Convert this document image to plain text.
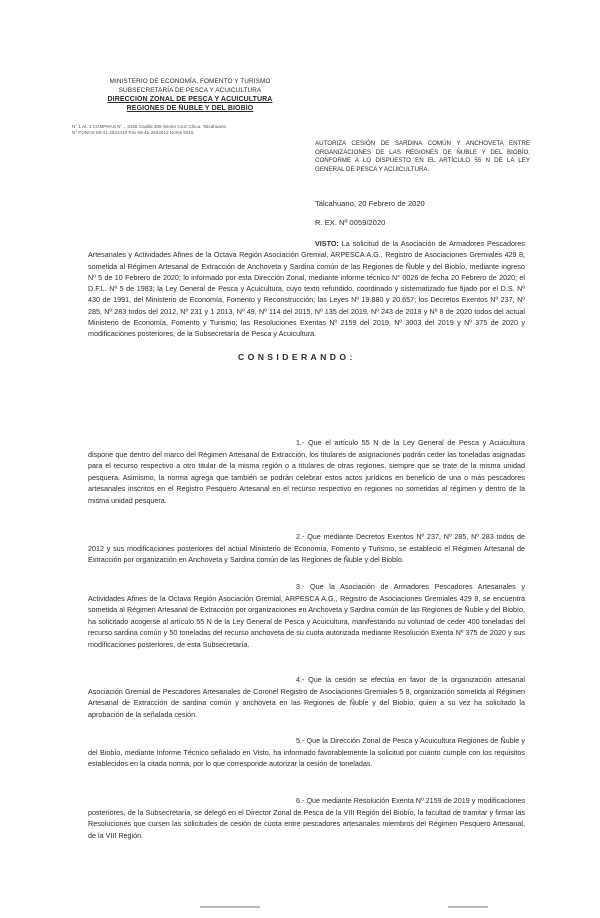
MINISTERIO DE ECONOMÍA, FOMENTO Y TURISMO
SUBSECRETARÍA DE PESCA Y ACUICULTURA
DIRECCIÓN ZONAL DE PESCA Y ACUICULTURA
REGIONES DE ÑUBLE Y DEL BIOBÍO
N° 1 AL 1 COMPRAS N°... 8186 Casilla 305 Sector Cruz Chica, Talcahuano
N° FONOS 56-41-2522410 Fax 56-41-2522412 Nores 5515
AUTORIZA CESIÓN DE SARDINA COMÚN Y ANCHOVETA ENTRE ORGANIZACIONES DE LAS REGIONES DE ÑUBLE Y DEL BIOBÍO, CONFORME A LO DISPUESTO EN EL ARTÍCULO 55 N DE LA LEY GENERAL DE PESCA Y ACUICULTURA.
Talcahuano, 20 Febrero de 2020
R. EX. Nº 0059/2020
VISTO: La solicitud de la Asociación de Armadores Pescadores Artesanales y Actividades Afines de la Octava Región Asociación Gremial, ARPESCA A.G., Registro de Asociaciones Gremiales 429 8, sometida al Régimen Artesanal de Extracción de Anchoveta y Sardina común de las Regiones de Ñuble y del Biobío, mediante ingreso Nº 5 de 10 Febrero de 2020; lo informado por esta Dirección Zonal, mediante informe técnico N° 0026 de fecha 20 Febrero de 2020; el D.F.L. Nº 5 de 1983; la Ley General de Pesca y Acuicultura, cuyo texto refundido, coordinado y sistematizado fue fijado por el D.S. Nº 430 de 1991, del Ministerio de Economía, Fomento y Reconstrucción; las Leyes Nº 19.880 y 20.657; los Decretos Exentos Nº 237, Nº 285, Nº 283 todos del 2012, Nº 231 y 1 2013, Nº 49, Nº 114 del 2015, Nº 135 del 2019, Nº 243 de 2019 y Nº 8 de 2020 todos del actual Ministerio de Economía, Fomento y Turismo; las Resoluciones Exentas Nº 2159 del 2019, Nº 3003 del 2019 y Nº 375 de 2020 y modificaciones posteriores, de la Subsecretaría de Pesca y Acuicultura.
CONSIDERANDO:
1.- Que el artículo 55 N de la Ley General de Pesca y Acuicultura dispone que dentro del marco del Régimen Artesanal de Extracción, los titulares de asignaciones podrán ceder las toneladas asignadas para el recurso respectivo a otro titular de la misma región o a titulares de otras regiones, siempre que se trate de la misma unidad pesquera. Asimismo, la norma agrega que también se podrán celebrar estos actos jurídicos en beneficio de una o más pescadores artesanales inscritos en el Registro Pesquero Artesanal en el recurso respectivo en regiones no sometidas al régimen y dentro de la misma unidad pesquera.
2.- Que mediante Decretos Exentos Nº 237, Nº 285, Nº 283 todos de 2012 y sus modificaciones posteriores del actual Ministerio de Economía, Fomento y Turismo, se estableció el Régimen Artesanal de Extracción por organización en Anchoveta y Sardina común de las Regiones de Ñuble y del Biobío.
3.- Que la Asociación de Armadores Pescadores Artesanales y Actividades Afines de la Octava Región Asociación Gremial, ARPESCA A.G., Registro de Asociaciones Gremiales 429 8, se encuentra sometida al Régimen Artesanal de Extracción por organizaciones en Anchoveta y Sardina común de las Regiones de Ñuble y del Biobío, ha solicitado acogerse al artículo 55 N de la Ley General de Pesca y Acuicultura, manifestando su voluntad de ceder 400 toneladas del recurso sardina común y 50 toneladas del recurso anchoveta de su cuota autorizada mediante Resolución Exenta Nº 375 de 2020 y sus modificaciones posteriores, de esta Subsecretaría.
4.- Que la cesión se efectúa en favor de la organización artesanal Asociación Gremial de Pescadores Artesanales de Coronel Registro de Asociaciones Gremiales 5 8, organización sometida al Régimen Artesanal de Extracción de sardina común y anchoveta en las Regiones de Ñuble y del Biobío, quien a su vez ha solicitado la aprobación de la señalada cesión.
5.- Que la Dirección Zonal de Pesca y Acuicultura Regiones de Ñuble y del Biobío, mediante Informe Técnico señalado en Visto, ha informado favorablemente la solicitud por cuanto cumple con los requisitos establecidos en la citada norma, por lo que corresponde autorizar la cesión de toneladas.
6.- Que mediante Resolución Exenta Nº 2159 de 2019 y modificaciones posteriores, de la Subsecretaría, se delegó en el Director Zonal de Pesca de la VIII Región del Biobío, la facultad de tramitar y firmar las Resoluciones que cursen las solicitudes de cesión de cuota entre pescadores artesanales miembros del Régimen Pesquero Artesanal, de la VIII Región.
